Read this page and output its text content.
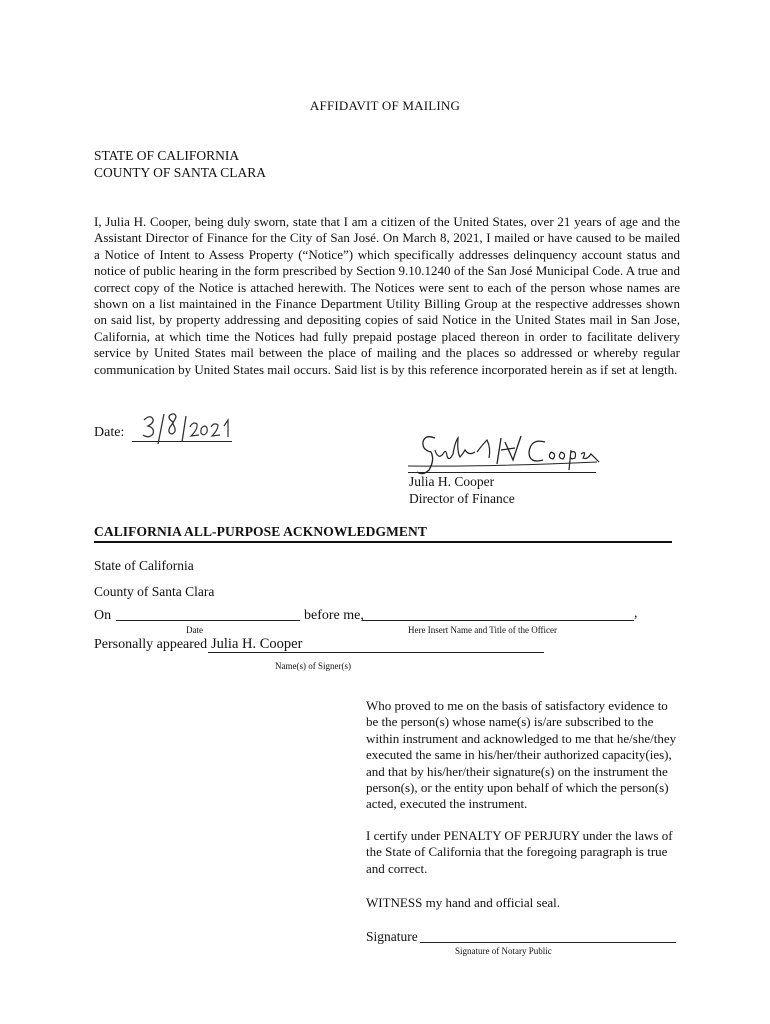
AFFIDAVIT OF MAILING
STATE OF CALIFORNIA
COUNTY OF SANTA CLARA
I, Julia H. Cooper, being duly sworn, state that I am a citizen of the United States, over 21 years of age and the Assistant Director of Finance for the City of San José. On March 8, 2021, I mailed or have caused to be mailed a Notice of Intent to Assess Property (“Notice”) which specifically addresses delinquency account status and notice of public hearing in the form prescribed by Section 9.10.1240 of the San José Municipal Code. A true and correct copy of the Notice is attached herewith. The Notices were sent to each of the person whose names are shown on a list maintained in the Finance Department Utility Billing Group at the respective addresses shown on said list, by property addressing and depositing copies of said Notice in the United States mail in San Jose, California, at which time the Notices had fully prepaid postage placed thereon in order to facilitate delivery service by United States mail between the place of mailing and the places so addressed or whereby regular communication by United States mail occurs. Said list is by this reference incorporated herein as if set at length.
Date:
Julia H. Cooper
Director of Finance
CALIFORNIA ALL-PURPOSE ACKNOWLEDGMENT
State of California
County of Santa Clara
On	before me,	,
Date	Here Insert Name and Title of the Officer
Personally appeared Julia H. Cooper
Name(s) of Signer(s)

Who proved to me on the basis of satisfactory evidence to be the person(s) whose name(s) is/are subscribed to the within instrument and acknowledged to me that he/she/they executed the same in his/her/their authorized capacity(ies), and that by his/her/their signature(s) on the instrument the person(s), or the entity upon behalf of which the person(s) acted, executed the instrument.

I certify under PENALTY OF PERJURY under the laws of the State of California that the foregoing paragraph is true and correct.

WITNESS my hand and official seal.

Signature
Signature of Notary Public
